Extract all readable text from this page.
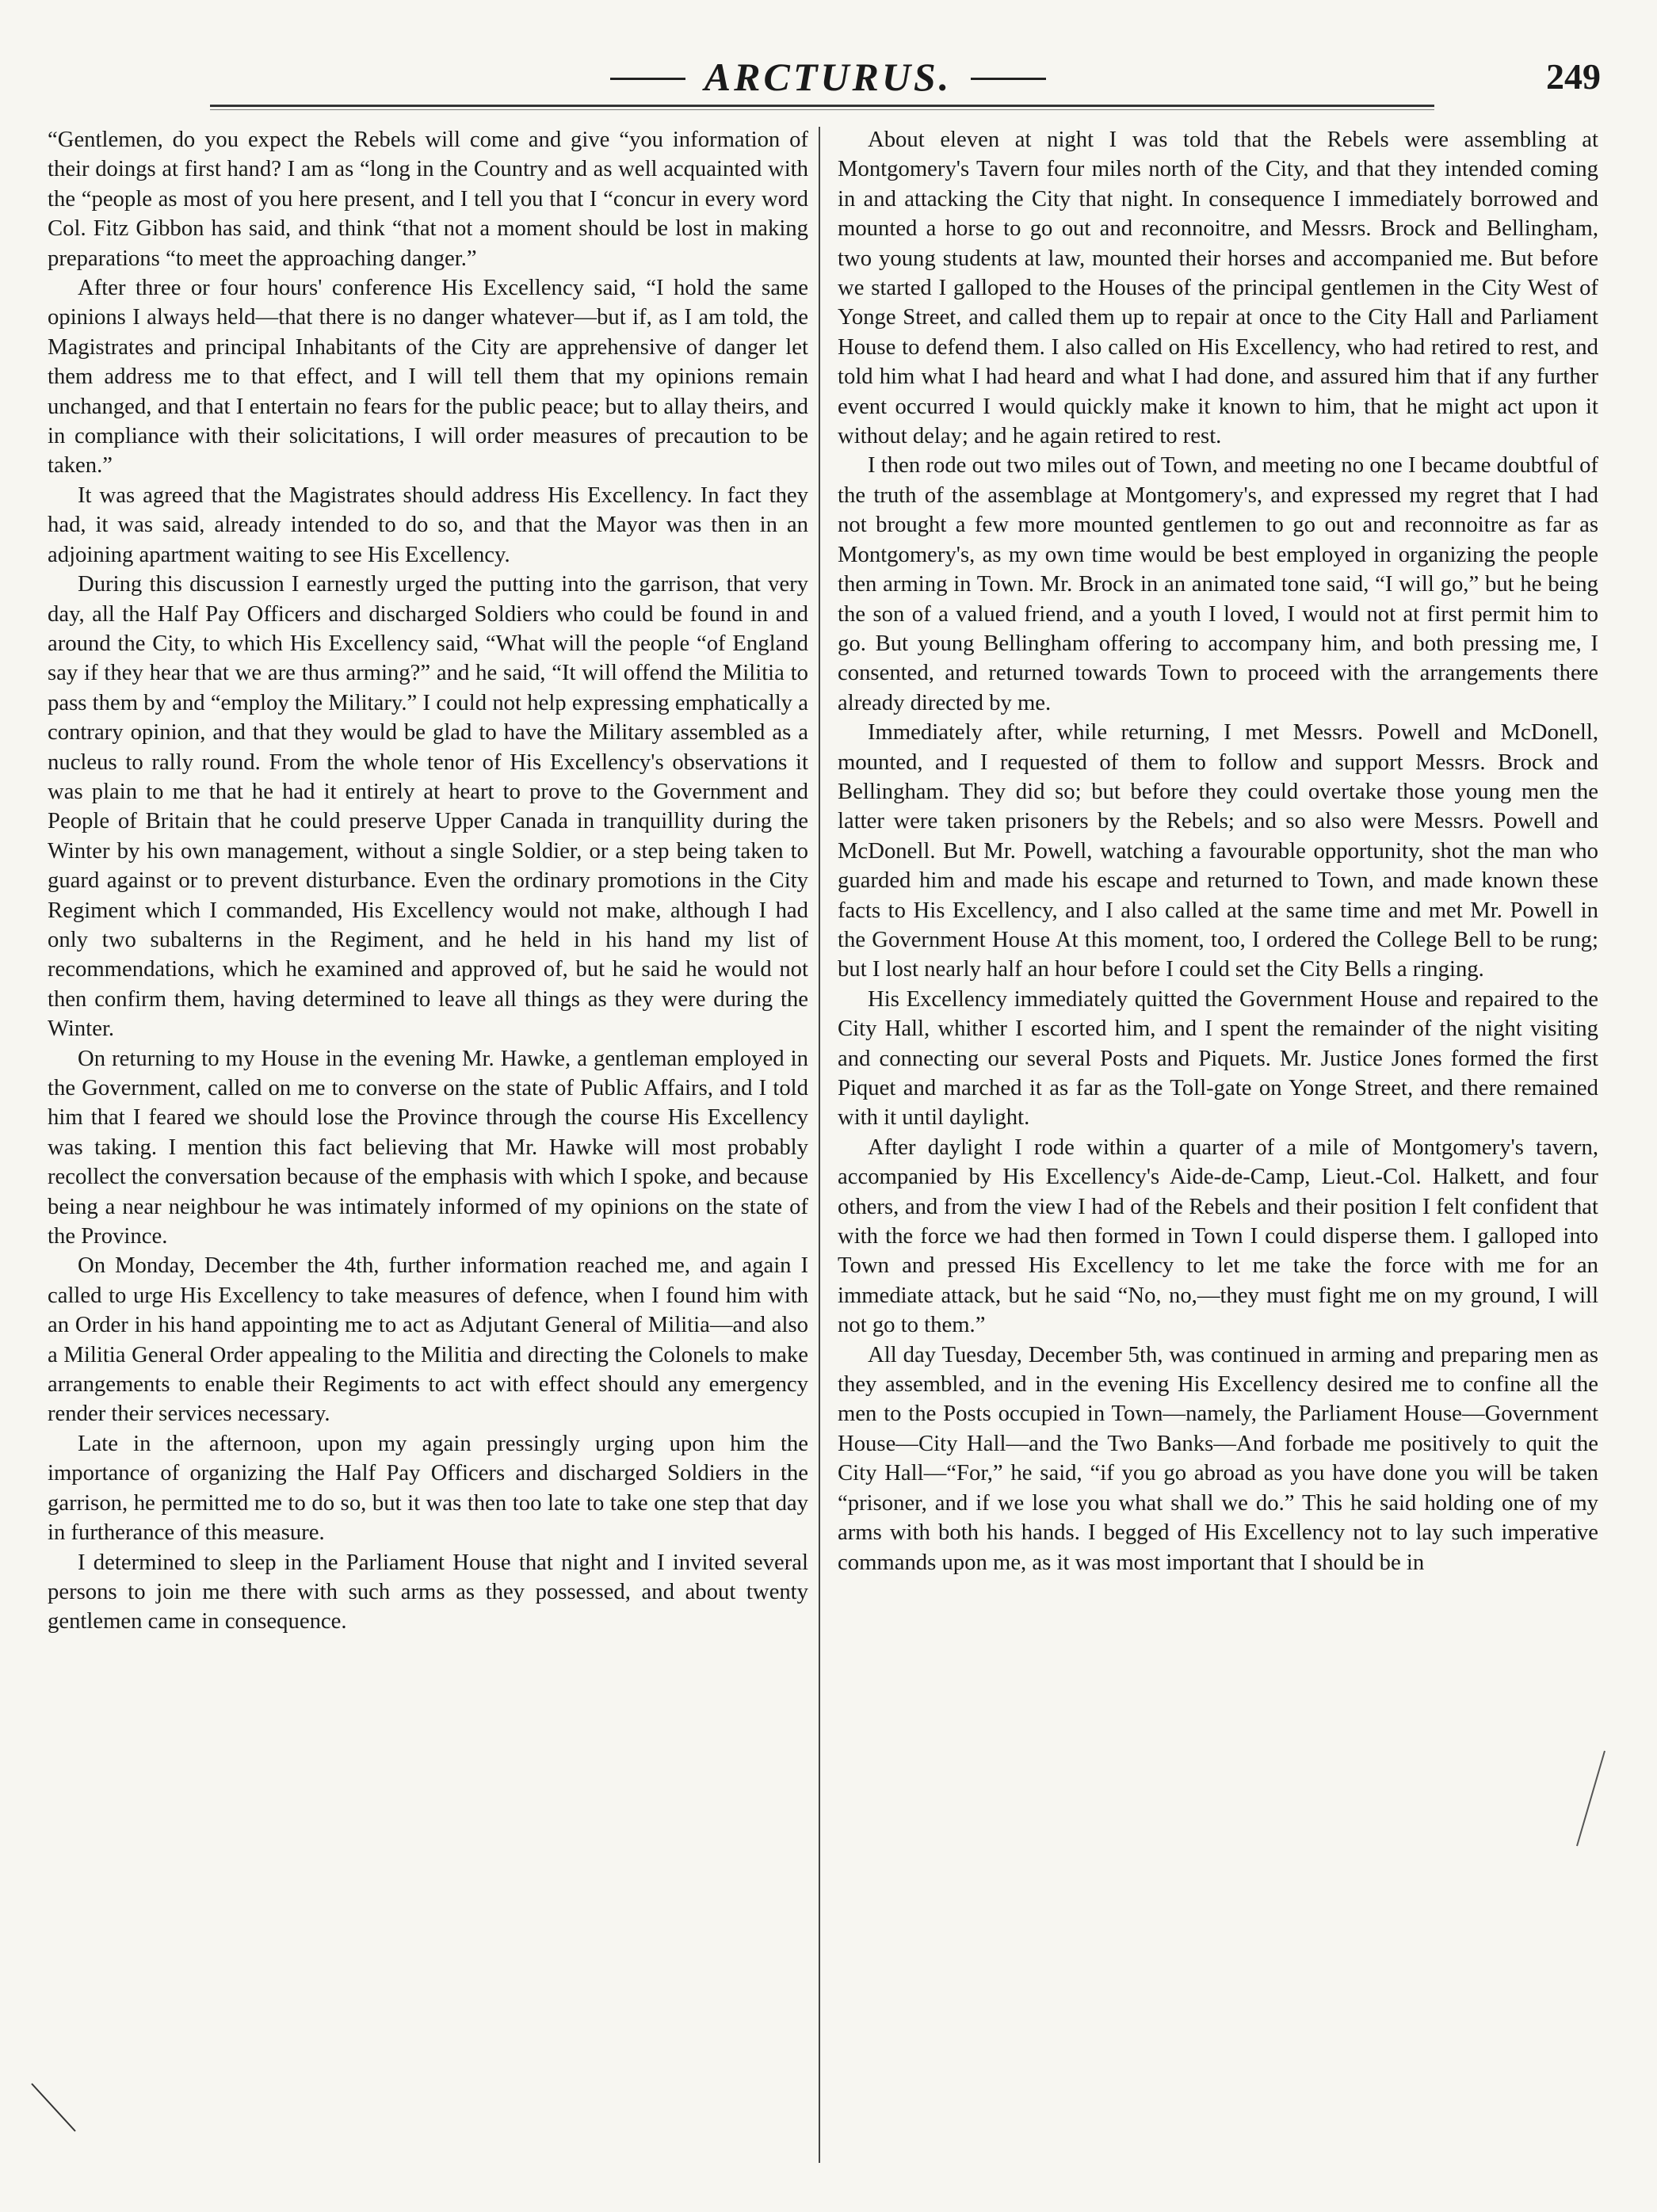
ARCTURUS.	249

“Gentlemen, do you expect the Rebels will come and give “you information of their doings at first hand? I am as “long in the Country and as well acquainted with the “people as most of you here present, and I tell you that I “concur in every word Col. Fitz Gibbon has said, and think “that not a moment should be lost in making preparations “to meet the approaching danger.”

After three or four hours' conference His Excellency said, “I hold the same opinions I always held—that there is no danger whatever—but if, as I am told, the Magistrates and principal Inhabitants of the City are apprehensive of danger let them address me to that effect, and I will tell them that my opinions remain unchanged, and that I entertain no fears for the public peace; but to allay theirs, and in compliance with their solicitations, I will order measures of precaution to be taken.”

It was agreed that the Magistrates should address His Excellency. In fact they had, it was said, already intended to do so, and that the Mayor was then in an adjoining apartment waiting to see His Excellency.

During this discussion I earnestly urged the putting into the garrison, that very day, all the Half Pay Officers and discharged Soldiers who could be found in and around the City, to which His Excellency said, “What will the people “of England say if they hear that we are thus arming?” and he said, “It will offend the Militia to pass them by and “employ the Military.” I could not help expressing emphatically a contrary opinion, and that they would be glad to have the Military assembled as a nucleus to rally round. From the whole tenor of His Excellency's observations it was plain to me that he had it entirely at heart to prove to the Government and People of Britain that he could preserve Upper Canada in tranquillity during the Winter by his own management, without a single Soldier, or a step being taken to guard against or to prevent disturbance. Even the ordinary promotions in the City Regiment which I commanded, His Excellency would not make, although I had only two subalterns in the Regiment, and he held in his hand my list of recommendations, which he examined and approved of, but he said he would not then confirm them, having determined to leave all things as they were during the Winter.

On returning to my House in the evening Mr. Hawke, a gentleman employed in the Government, called on me to converse on the state of Public Affairs, and I told him that I feared we should lose the Province through the course His Excellency was taking. I mention this fact believing that Mr. Hawke will most probably recollect the conversation because of the emphasis with which I spoke, and because being a near neighbour he was intimately informed of my opinions on the state of the Province.

On Monday, December the 4th, further information reached me, and again I called to urge His Excellency to take measures of defence, when I found him with an Order in his hand appointing me to act as Adjutant General of Militia—and also a Militia General Order appealing to the Militia and directing the Colonels to make arrangements to enable their Regiments to act with effect should any emergency render their services necessary.

Late in the afternoon, upon my again pressingly urging upon him the importance of organizing the Half Pay Officers and discharged Soldiers in the garrison, he permitted me to do so, but it was then too late to take one step that day in furtherance of this measure.

I determined to sleep in the Parliament House that night and I invited several persons to join me there with such arms as they possessed, and about twenty gentlemen came in consequence.

About eleven at night I was told that the Rebels were assembling at Montgomery's Tavern four miles north of the City, and that they intended coming in and attacking the City that night. In consequence I immediately borrowed and mounted a horse to go out and reconnoitre, and Messrs. Brock and Bellingham, two young students at law, mounted their horses and accompanied me. But before we started I galloped to the Houses of the principal gentlemen in the City West of Yonge Street, and called them up to repair at once to the City Hall and Parliament House to defend them. I also called on His Excellency, who had retired to rest, and told him what I had heard and what I had done, and assured him that if any further event occurred I would quickly make it known to him, that he might act upon it without delay; and he again retired to rest.

I then rode out two miles out of Town, and meeting no one I became doubtful of the truth of the assemblage at Montgomery's, and expressed my regret that I had not brought a few more mounted gentlemen to go out and reconnoitre as far as Montgomery's, as my own time would be best employed in organizing the people then arming in Town. Mr. Brock in an animated tone said, “I will go,” but he being the son of a valued friend, and a youth I loved, I would not at first permit him to go. But young Bellingham offering to accompany him, and both pressing me, I consented, and returned towards Town to proceed with the arrangements there already directed by me.

Immediately after, while returning, I met Messrs. Powell and McDonell, mounted, and I requested of them to follow and support Messrs. Brock and Bellingham. They did so; but before they could overtake those young men the latter were taken prisoners by the Rebels; and so also were Messrs. Powell and McDonell. But Mr. Powell, watching a favourable opportunity, shot the man who guarded him and made his escape and returned to Town, and made known these facts to His Excellency, and I also called at the same time and met Mr. Powell in the Government House At this moment, too, I ordered the College Bell to be rung; but I lost nearly half an hour before I could set the City Bells a ringing.

His Excellency immediately quitted the Government House and repaired to the City Hall, whither I escorted him, and I spent the remainder of the night visiting and connecting our several Posts and Piquets. Mr. Justice Jones formed the first Piquet and marched it as far as the Toll-gate on Yonge Street, and there remained with it until daylight.

After daylight I rode within a quarter of a mile of Montgomery's tavern, accompanied by His Excellency's Aide-de-Camp, Lieut.-Col. Halkett, and four others, and from the view I had of the Rebels and their position I felt confident that with the force we had then formed in Town I could disperse them. I galloped into Town and pressed His Excellency to let me take the force with me for an immediate attack, but he said “No, no,—they must fight me on my ground, I will not go to them.”

All day Tuesday, December 5th, was continued in arming and preparing men as they assembled, and in the evening His Excellency desired me to confine all the men to the Posts occupied in Town—namely, the Parliament House—Government House—City Hall—and the Two Banks—And forbade me positively to quit the City Hall—“For,” he said, “if you go abroad as you have done you will be taken “prisoner, and if we lose you what shall we do.” This he said holding one of my arms with both his hands. I begged of His Excellency not to lay such imperative commands upon me, as it was most important that I should be in
